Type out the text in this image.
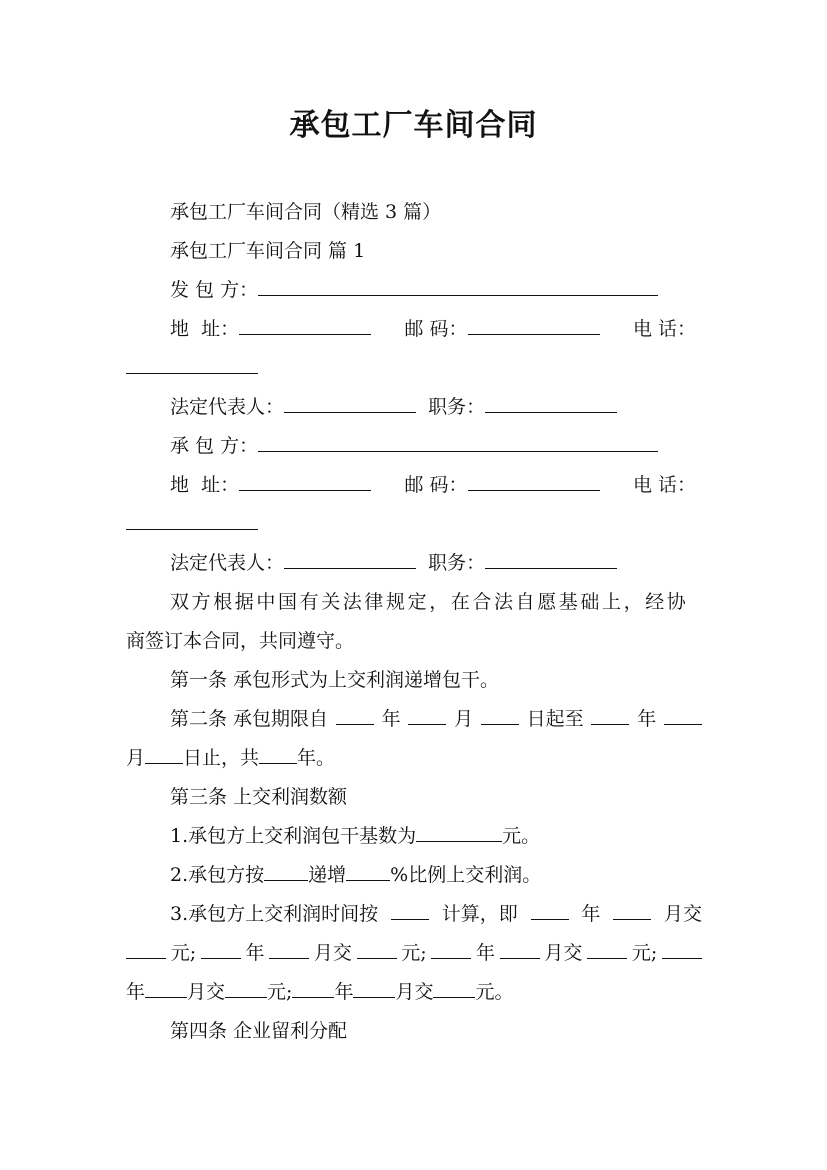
承包工厂车间合同
承包工厂车间合同（精选 3 篇）
承包工厂车间合同 篇 1
发 包 方：
地  址：	邮 码：	电 话：
法定代表人：	职务：
承 包 方：
地  址：	邮 码：	电 话：
法定代表人：	职务：
双方根据中国有关法律规定，在合法自愿基础上，经协
商签订本合同，共同遵守。
第一条 承包形式为上交利润递增包干。
第二条 承包期限自	年	月	日起至	年
月 日止，共 年。
第三条 上交利润数额
1.承包方上交利润包干基数为	元。
2.承包方按 递增 %比例上交利润。
3.承包方上交利润时间按	计算，即	年	月交
元;	年	月交	元;	年	月交	元;
年 月交 元; 年 月交 元。
第四条 企业留利分配
